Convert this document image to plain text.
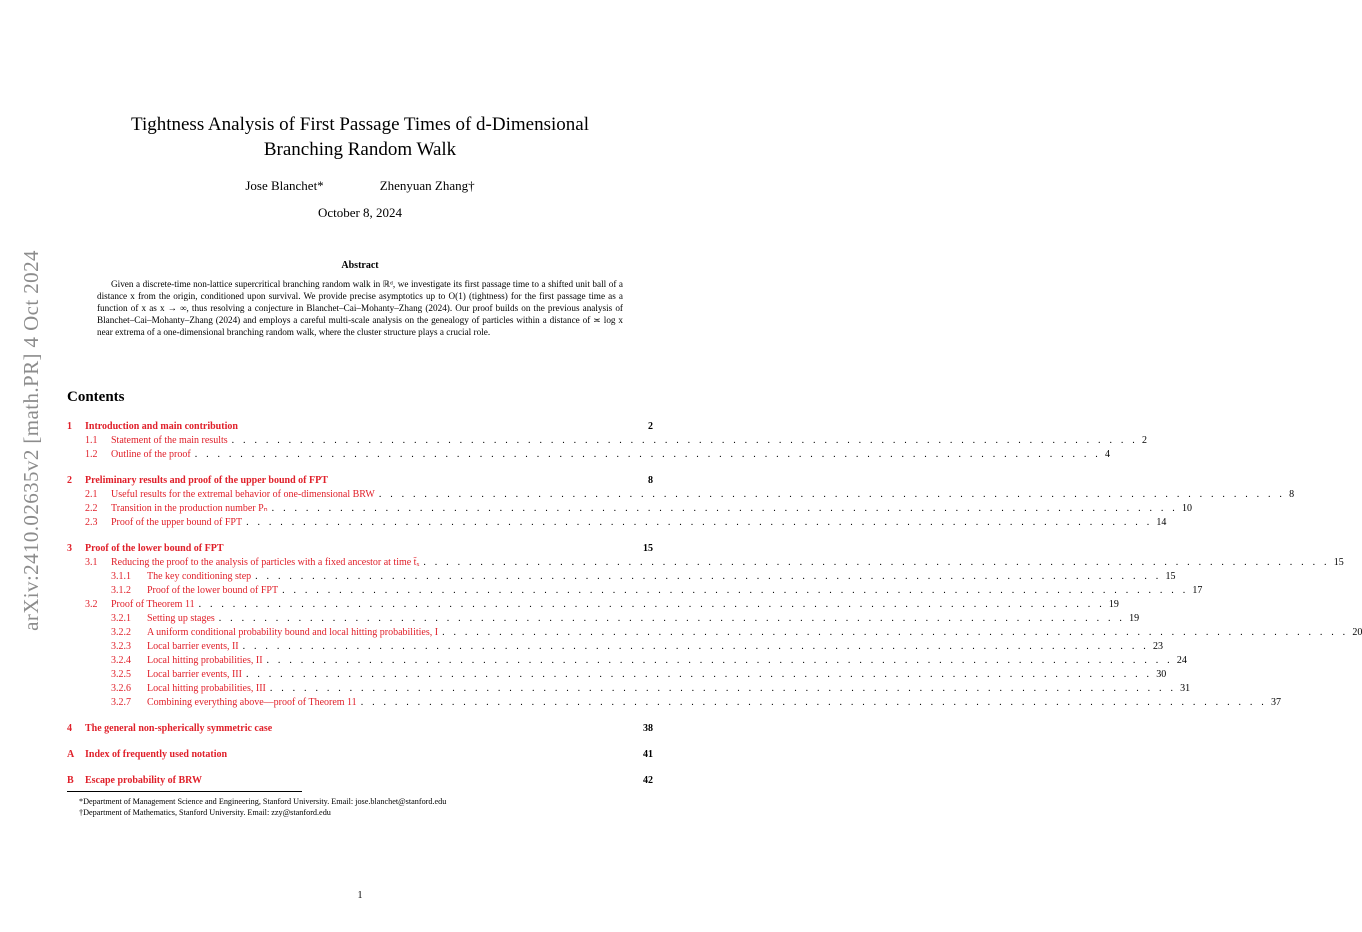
arXiv:2410.02635v2 [math.PR] 4 Oct 2024
Tightness Analysis of First Passage Times of d-Dimensional
Branching Random Walk
Jose Blanchet*	Zhenyuan Zhang†
October 8, 2024
Abstract
Given a discrete-time non-lattice supercritical branching random walk in ℝᵈ, we investigate its first passage time to a shifted unit ball of a distance x from the origin, conditioned upon survival. We provide precise asymptotics up to O(1) (tightness) for the first passage time as a function of x as x → ∞, thus resolving a conjecture in Blanchet–Cai–Mohanty–Zhang (2024). Our proof builds on the previous analysis of Blanchet–Cai–Mohanty–Zhang (2024) and employs a careful multi-scale analysis on the genealogy of particles within a distance of ≍ log x near extrema of a one-dimensional branching random walk, where the cluster structure plays a crucial role.
Contents
1	Introduction and main contribution	2
1.1	Statement of the main results . . . . . . . . . . . . . . . . . . . . . . . . . . . . . . . . . . . . . . . . . . . . . . . . . . . . . . . . . . . . . . . . . . . . . . . . . . . . . . . . 2
1.2	Outline of the proof . . . . . . . . . . . . . . . . . . . . . . . . . . . . . . . . . . . . . . . . . . . . . . . . . . . . . . . . . . . . . . . . . . . . . . . . . . . . . . . . 4
2	Preliminary results and proof of the upper bound of FPT	8
2.1	Useful results for the extremal behavior of one-dimensional BRW . . . . . . . . . . . . . . . . . . . . . . . . . . . . . . . . . . . . . . . . . . . . . . . . . . . . . . . . . . . . . . . . . . . . . . . . . . . . . . . . 8
2.2	Transition in the production number Pₙ . . . . . . . . . . . . . . . . . . . . . . . . . . . . . . . . . . . . . . . . . . . . . . . . . . . . . . . . . . . . . . . . . . . . . . . . . . . . . . . . 10
2.3	Proof of the upper bound of FPT . . . . . . . . . . . . . . . . . . . . . . . . . . . . . . . . . . . . . . . . . . . . . . . . . . . . . . . . . . . . . . . . . . . . . . . . . . . . . . . . 14
3	Proof of the lower bound of FPT	15
3.1	Reducing the proof to the analysis of particles with a fixed ancestor at time t̃ₓ . . . . . . . . . . . . . . . . . . . . . . . . . . . . . . . . . . . . . . . . . . . . . . . . . . . . . . . . . . . . . . . . . . . . . . . . . . . . . . . . 15
3.1.1	The key conditioning step . . . . . . . . . . . . . . . . . . . . . . . . . . . . . . . . . . . . . . . . . . . . . . . . . . . . . . . . . . . . . . . . . . . . . . . . . . . . . . . . 15
3.1.2	Proof of the lower bound of FPT . . . . . . . . . . . . . . . . . . . . . . . . . . . . . . . . . . . . . . . . . . . . . . . . . . . . . . . . . . . . . . . . . . . . . . . . . . . . . . . . 17
3.2	Proof of Theorem 11 . . . . . . . . . . . . . . . . . . . . . . . . . . . . . . . . . . . . . . . . . . . . . . . . . . . . . . . . . . . . . . . . . . . . . . . . . . . . . . . . 19
3.2.1	Setting up stages . . . . . . . . . . . . . . . . . . . . . . . . . . . . . . . . . . . . . . . . . . . . . . . . . . . . . . . . . . . . . . . . . . . . . . . . . . . . . . . . 19
3.2.2	A uniform conditional probability bound and local hitting probabilities, I . . . . . . . . . . . . . . . . . . . . . . . . . . . . . . . . . . . . . . . . . . . . . . . . . . . . . . . . . . . . . . . . . . . . . . . . . . . . . . . . 20
3.2.3	Local barrier events, II . . . . . . . . . . . . . . . . . . . . . . . . . . . . . . . . . . . . . . . . . . . . . . . . . . . . . . . . . . . . . . . . . . . . . . . . . . . . . . . . 23
3.2.4	Local hitting probabilities, II . . . . . . . . . . . . . . . . . . . . . . . . . . . . . . . . . . . . . . . . . . . . . . . . . . . . . . . . . . . . . . . . . . . . . . . . . . . . . . . . 24
3.2.5	Local barrier events, III . . . . . . . . . . . . . . . . . . . . . . . . . . . . . . . . . . . . . . . . . . . . . . . . . . . . . . . . . . . . . . . . . . . . . . . . . . . . . . . . 30
3.2.6	Local hitting probabilities, III . . . . . . . . . . . . . . . . . . . . . . . . . . . . . . . . . . . . . . . . . . . . . . . . . . . . . . . . . . . . . . . . . . . . . . . . . . . . . . . . 31
3.2.7	Combining everything above—proof of Theorem 11 . . . . . . . . . . . . . . . . . . . . . . . . . . . . . . . . . . . . . . . . . . . . . . . . . . . . . . . . . . . . . . . . . . . . . . . . . . . . . . . . 37
4	The general non-spherically symmetric case	38
A	Index of frequently used notation	41
B	Escape probability of BRW	42
*Department of Management Science and Engineering, Stanford University. Email: jose.blanchet@stanford.edu
†Department of Mathematics, Stanford University. Email: zzy@stanford.edu
1
